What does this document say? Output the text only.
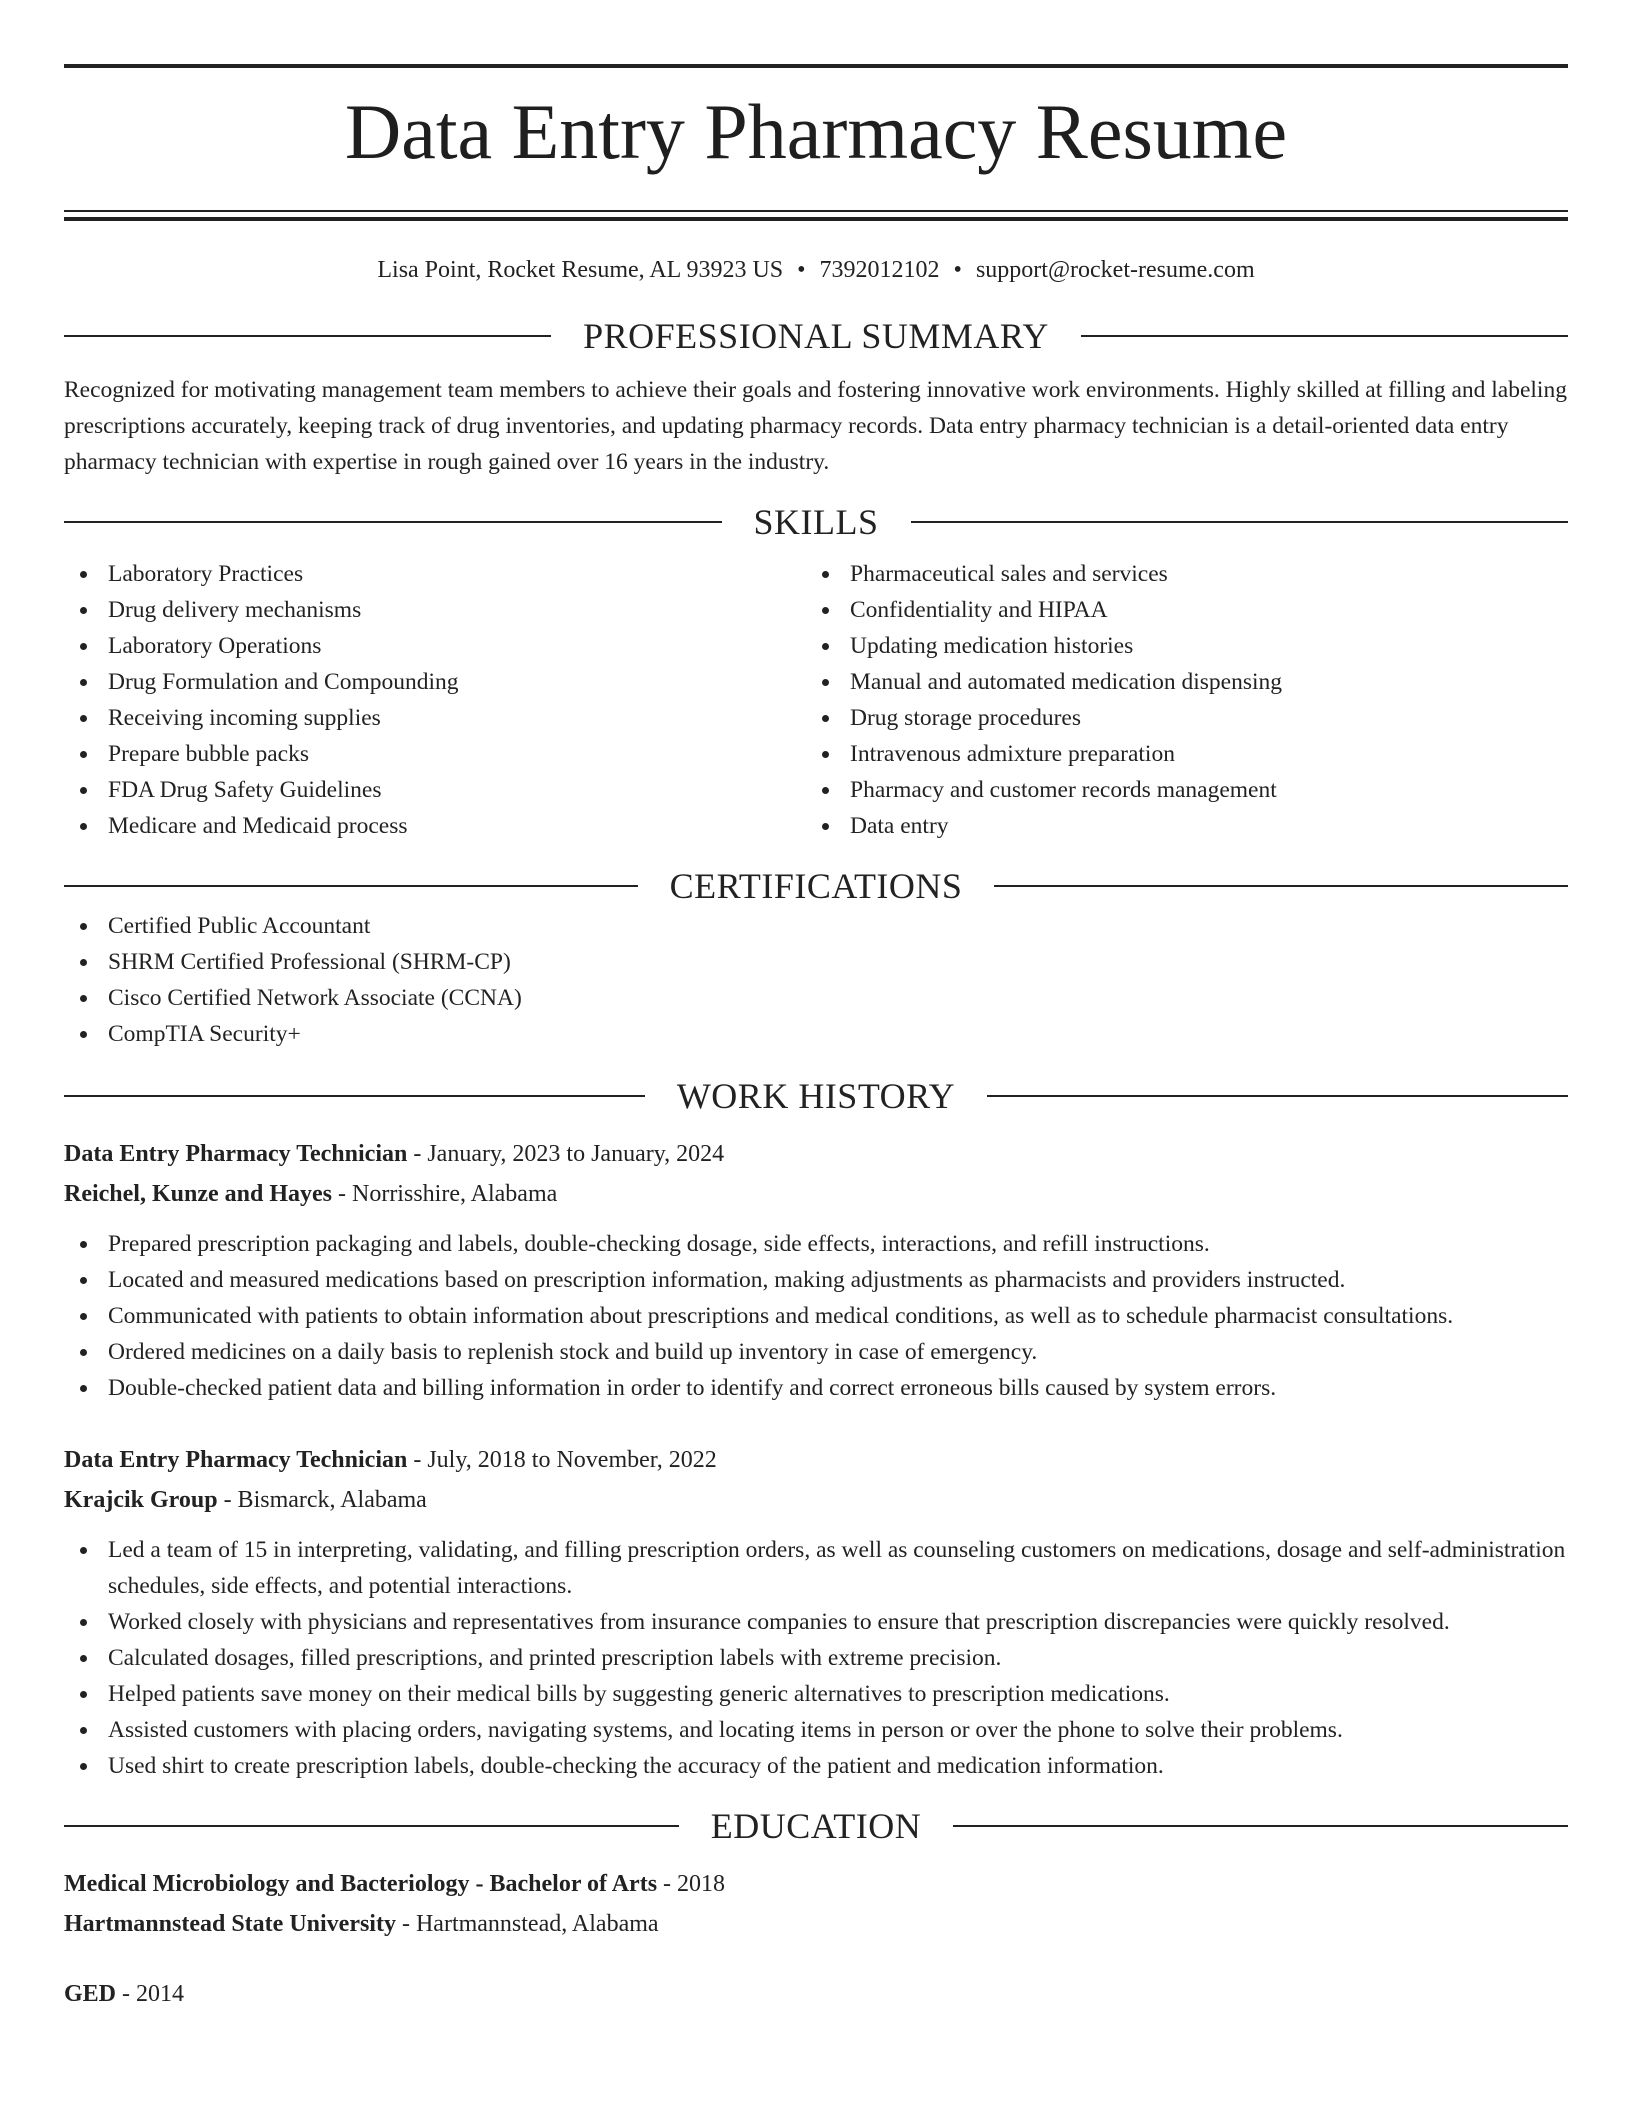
Data Entry Pharmacy Resume
Lisa Point, Rocket Resume, AL 93923 US • 7392012102 • support@rocket-resume.com
PROFESSIONAL SUMMARY
Recognized for motivating management team members to achieve their goals and fostering innovative work environments. Highly skilled at filling and labeling prescriptions accurately, keeping track of drug inventories, and updating pharmacy records. Data entry pharmacy technician is a detail-oriented data entry pharmacy technician with expertise in rough gained over 16 years in the industry.
SKILLS
Laboratory Practices
Drug delivery mechanisms
Laboratory Operations
Drug Formulation and Compounding
Receiving incoming supplies
Prepare bubble packs
FDA Drug Safety Guidelines
Medicare and Medicaid process
Pharmaceutical sales and services
Confidentiality and HIPAA
Updating medication histories
Manual and automated medication dispensing
Drug storage procedures
Intravenous admixture preparation
Pharmacy and customer records management
Data entry
CERTIFICATIONS
Certified Public Accountant
SHRM Certified Professional (SHRM-CP)
Cisco Certified Network Associate (CCNA)
CompTIA Security+
WORK HISTORY
Data Entry Pharmacy Technician - January, 2023 to January, 2024
Reichel, Kunze and Hayes - Norrisshire, Alabama
Prepared prescription packaging and labels, double-checking dosage, side effects, interactions, and refill instructions.
Located and measured medications based on prescription information, making adjustments as pharmacists and providers instructed.
Communicated with patients to obtain information about prescriptions and medical conditions, as well as to schedule pharmacist consultations.
Ordered medicines on a daily basis to replenish stock and build up inventory in case of emergency.
Double-checked patient data and billing information in order to identify and correct erroneous bills caused by system errors.
Data Entry Pharmacy Technician - July, 2018 to November, 2022
Krajcik Group - Bismarck, Alabama
Led a team of 15 in interpreting, validating, and filling prescription orders, as well as counseling customers on medications, dosage and self-administration schedules, side effects, and potential interactions.
Worked closely with physicians and representatives from insurance companies to ensure that prescription discrepancies were quickly resolved.
Calculated dosages, filled prescriptions, and printed prescription labels with extreme precision.
Helped patients save money on their medical bills by suggesting generic alternatives to prescription medications.
Assisted customers with placing orders, navigating systems, and locating items in person or over the phone to solve their problems.
Used shirt to create prescription labels, double-checking the accuracy of the patient and medication information.
EDUCATION
Medical Microbiology and Bacteriology - Bachelor of Arts - 2018
Hartmannstead State University - Hartmannstead, Alabama
GED - 2014
